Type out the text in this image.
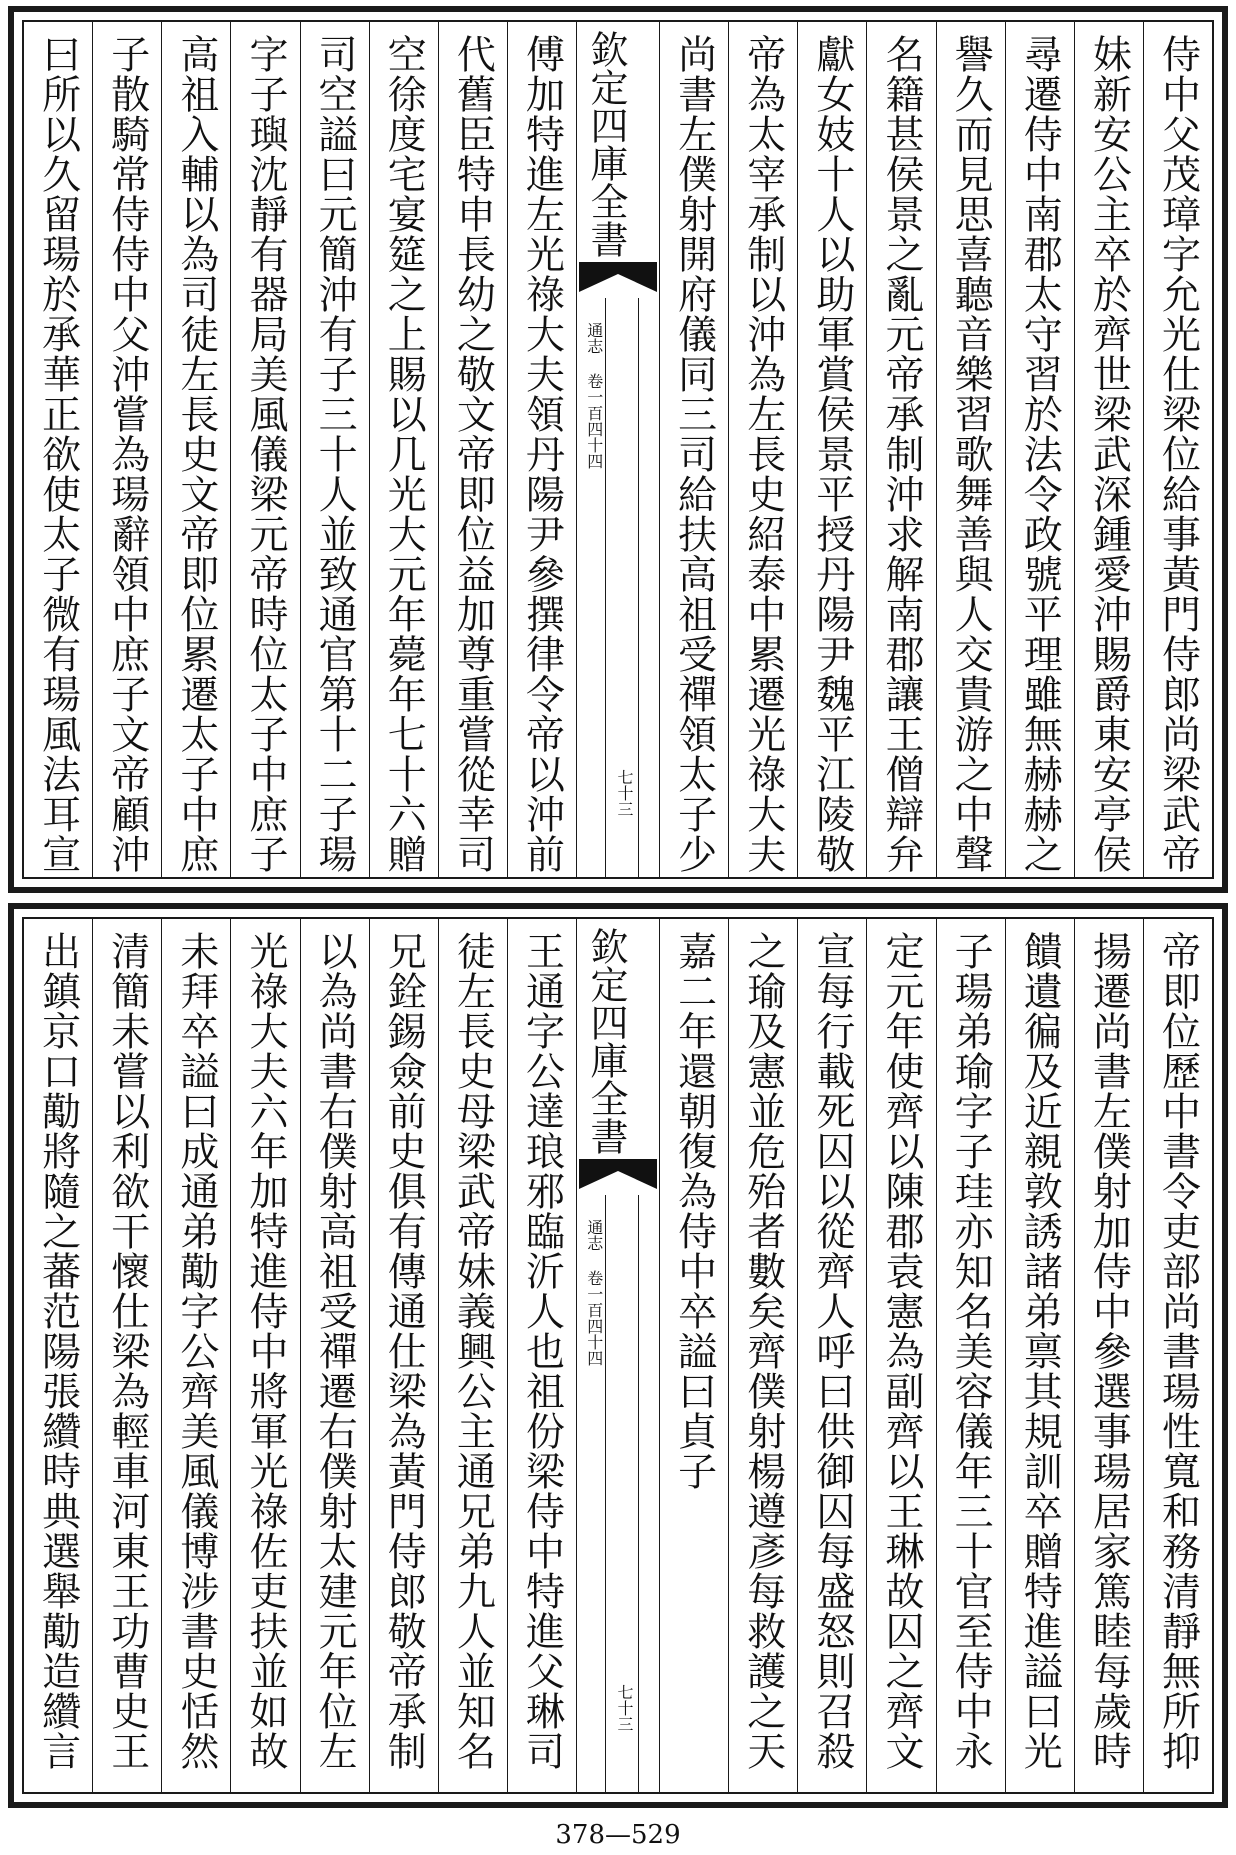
侍中父茂璋字允光仕梁位給事黃門侍郎尚梁武帝
妹新安公主卒於齊世梁武深鍾愛沖賜爵東安亭侯
尋遷侍中南郡太守習於法令政號平理雖無赫赫之
譽久而見思喜聽音樂習歌舞善與人交貴游之中聲
名籍甚侯景之亂元帝承制沖求解南郡讓王僧辯弁
獻女妓十人以助軍賞侯景平授丹陽尹魏平江陵敬
帝為太宰承制以沖為左長史紹泰中累遷光祿大夫
尚書左僕射開府儀同三司給扶高祖受禪領太子少
欽定四庫全書
通志 卷一百四十四
七十三
傅加特進左光祿大夫領丹陽尹參撰律令帝以沖前
代舊臣特申長幼之敬文帝即位益加尊重嘗從幸司
空徐度宅宴筵之上賜以几光大元年薨年七十六贈
司空謚曰元簡沖有子三十人並致通官第十二子瑒
字子璵沈靜有器局美風儀梁元帝時位太子中庶子
高祖入輔以為司徒左長史文帝即位累遷太子中庶
子散騎常侍侍中父沖嘗為瑒辭領中庶子文帝顧沖
曰所以久留瑒於承華正欲使太子微有瑒風法耳宣
帝即位歷中書令吏部尚書瑒性寬和務清靜無所抑
揚遷尚書左僕射加侍中參選事瑒居家篤睦每歲時
饋遺徧及近親敦誘諸弟禀其規訓卒贈特進謚曰光
子瑒弟瑜字子珪亦知名美容儀年三十官至侍中永
定元年使齊以陳郡袁憲為副齊以王琳故囚之齊文
宣每行載死囚以從齊人呼曰供御囚每盛怒則召殺
之瑜及憲並危殆者數矣齊僕射楊遵彥每救護之天
嘉二年還朝復為侍中卒謚曰貞子
欽定四庫全書
通志 卷一百四十四
七十三
王通字公達琅邪臨沂人也祖份梁侍中特進父琳司
徒左長史母梁武帝妹義興公主通兄弟九人並知名
兄銓錫僉前史俱有傳通仕梁為黃門侍郎敬帝承制
以為尚書右僕射高祖受禪遷右僕射太建元年位左
光祿大夫六年加特進侍中將軍光祿佐吏扶並如故
未拜卒謚曰成通弟勱字公齊美風儀博涉書史恬然
清簡未嘗以利欲干懷仕梁為輕車河東王功曹史王
出鎮京口勱將隨之蕃范陽張纘時典選舉勱造纘言
378—529
